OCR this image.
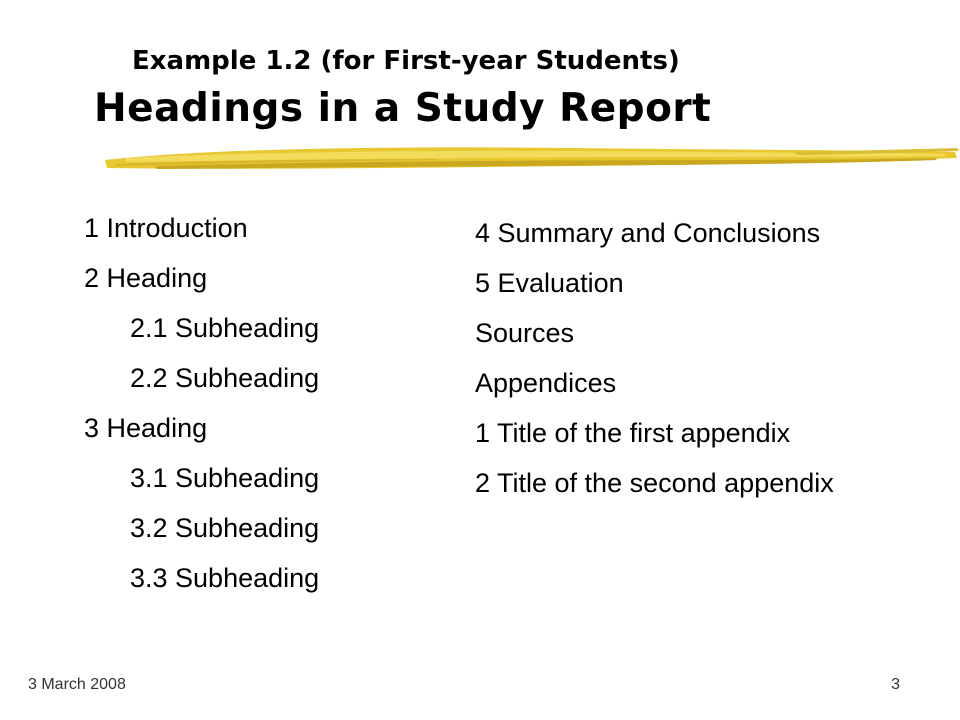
Example 1.2 (for First-year Students)
Headings in a Study Report
1 Introduction
2 Heading
2.1 Subheading
2.2 Subheading
3 Heading
3.1 Subheading
3.2 Subheading
3.3 Subheading
4 Summary and Conclusions
5 Evaluation
Sources
Appendices
1 Title of the first appendix
2 Title of the second appendix
3 March 2008	3
